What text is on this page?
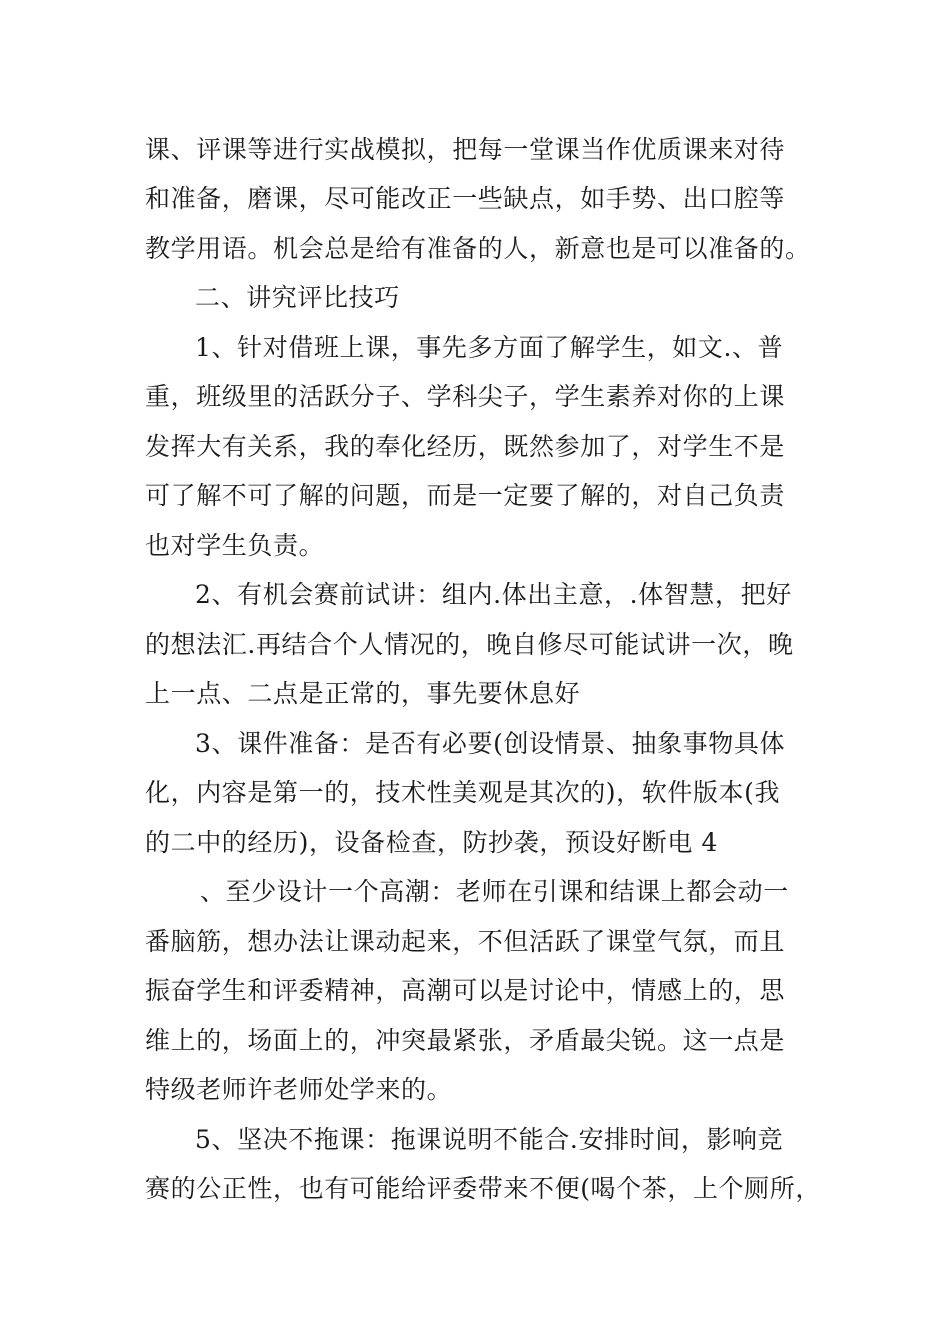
课、评课等进行实战模拟，把每一堂课当作优质课来对待
和准备，磨课，尽可能改正一些缺点，如手势、出口腔等
教学用语。机会总是给有准备的人，新意也是可以准备的。
二、讲究评比技巧
1、针对借班上课，事先多方面了解学生，如文.、普
重，班级里的活跃分子、学科尖子，学生素养对你的上课
发挥大有关系，我的奉化经历，既然参加了，对学生不是
可了解不可了解的问题，而是一定要了解的，对自己负责
也对学生负责。
2、有机会赛前试讲：组内.体出主意，.体智慧，把好
的想法汇.再结合个人情况的，晚自修尽可能试讲一次，晚
上一点、二点是正常的，事先要休息好
3、课件准备：是否有必要(创设情景、抽象事物具体
化，内容是第一的，技术性美观是其次的)，软件版本(我
的二中的经历)，设备检查，防抄袭，预设好断电 4
、至少设计一个高潮：老师在引课和结课上都会动一
番脑筋，想办法让课动起来，不但活跃了课堂气氛，而且
振奋学生和评委精神，高潮可以是讨论中，情感上的，思
维上的，场面上的，冲突最紧张，矛盾最尖锐。这一点是
特级老师许老师处学来的。
5、坚决不拖课：拖课说明不能合.安排时间，影响竞
赛的公正性，也有可能给评委带来不便(喝个茶，上个厕所，
